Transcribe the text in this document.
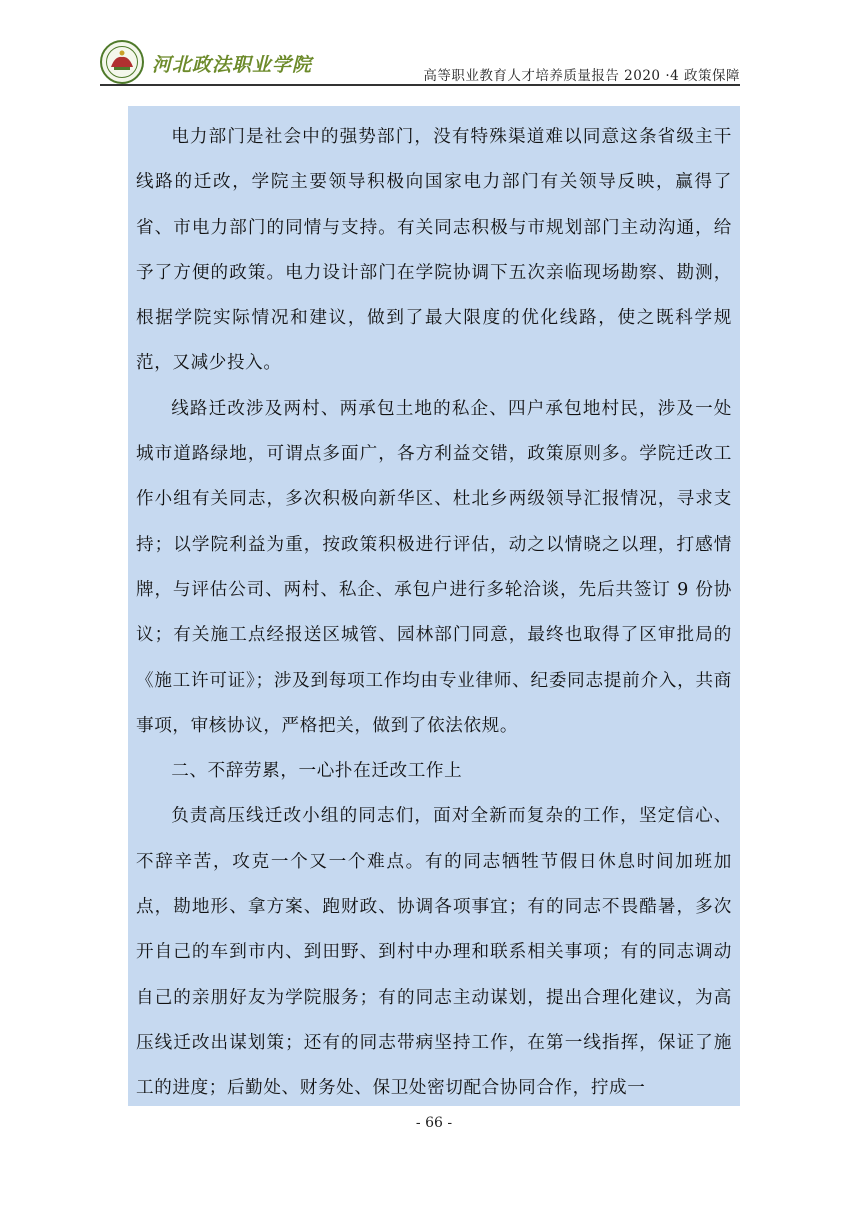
河北政法职业学院	高等职业教育人才培养质量报告 2020 ·4 政策保障

电力部门是社会中的强势部门，没有特殊渠道难以同意这条省级主干线路的迁改，学院主要领导积极向国家电力部门有关领导反映，赢得了省、市电力部门的同情与支持。有关同志积极与市规划部门主动沟通，给予了方便的政策。电力设计部门在学院协调下五次亲临现场勘察、勘测，根据学院实际情况和建议，做到了最大限度的优化线路，使之既科学规范，又减少投入。

线路迁改涉及两村、两承包土地的私企、四户承包地村民，涉及一处城市道路绿地，可谓点多面广，各方利益交错，政策原则多。学院迁改工作小组有关同志，多次积极向新华区、杜北乡两级领导汇报情况，寻求支持；以学院利益为重，按政策积极进行评估，动之以情晓之以理，打感情牌，与评估公司、两村、私企、承包户进行多轮洽谈，先后共签订 9 份协议；有关施工点经报送区城管、园林部门同意，最终也取得了区审批局的《施工许可证》；涉及到每项工作均由专业律师、纪委同志提前介入，共商事项，审核协议，严格把关，做到了依法依规。

二、不辞劳累，一心扑在迁改工作上

负责高压线迁改小组的同志们，面对全新而复杂的工作，坚定信心、不辞辛苦，攻克一个又一个难点。有的同志牺牲节假日休息时间加班加点，勘地形、拿方案、跑财政、协调各项事宜；有的同志不畏酷暑，多次开自己的车到市内、到田野、到村中办理和联系相关事项；有的同志调动自己的亲朋好友为学院服务；有的同志主动谋划，提出合理化建议，为高压线迁改出谋划策；还有的同志带病坚持工作，在第一线指挥，保证了施工的进度；后勤处、财务处、保卫处密切配合协同合作，拧成一

- 66 -
